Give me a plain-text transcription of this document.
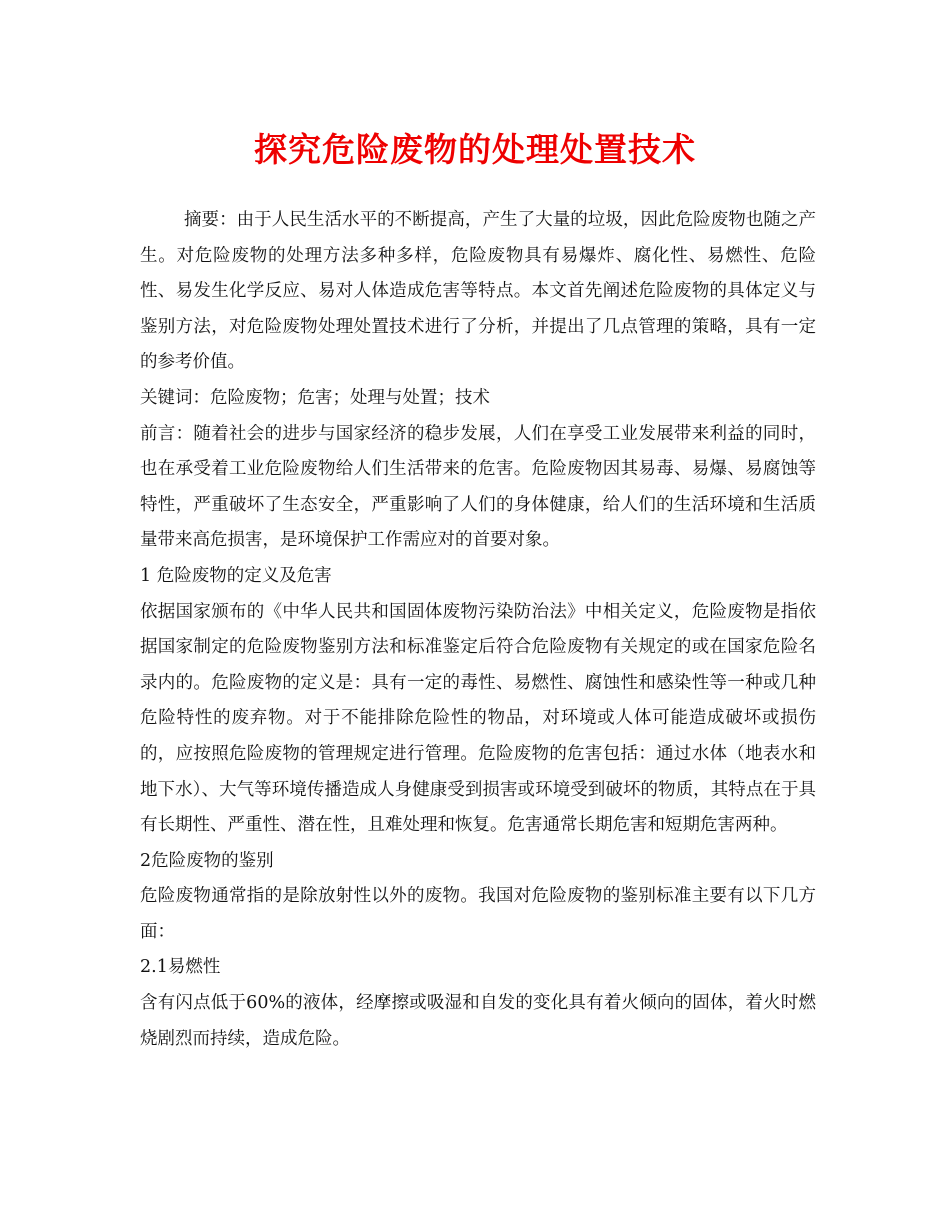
探究危险废物的处理处置技术

摘要：由于人民生活水平的不断提高，产生了大量的垃圾，因此危险废物也随之产生。对危险废物的处理方法多种多样，危险废物具有易爆炸、腐化性、易燃性、危险性、易发生化学反应、易对人体造成危害等特点。本文首先阐述危险废物的具体定义与鉴别方法，对危险废物处理处置技术进行了分析，并提出了几点管理的策略，具有一定的参考价值。

关键词：危险废物；危害；处理与处置；技术

前言：随着社会的进步与国家经济的稳步发展，人们在享受工业发展带来利益的同时，也在承受着工业危险废物给人们生活带来的危害。危险废物因其易毒、易爆、易腐蚀等特性，严重破坏了生态安全，严重影响了人们的身体健康，给人们的生活环境和生活质量带来高危损害，是环境保护工作需应对的首要对象。

1 危险废物的定义及危害

依据国家颁布的《中华人民共和国固体废物污染防治法》中相关定义，危险废物是指依据国家制定的危险废物鉴别方法和标准鉴定后符合危险废物有关规定的或在国家危险名录内的。危险废物的定义是：具有一定的毒性、易燃性、腐蚀性和感染性等一种或几种危险特性的废弃物。对于不能排除危险性的物品，对环境或人体可能造成破坏或损伤的，应按照危险废物的管理规定进行管理。危险废物的危害包括：通过水体（地表水和地下水）、大气等环境传播造成人身健康受到损害或环境受到破坏的物质，其特点在于具有长期性、严重性、潜在性，且难处理和恢复。危害通常长期危害和短期危害两种。

2危险废物的鉴别

危险废物通常指的是除放射性以外的废物。我国对危险废物的鉴别标准主要有以下几方面：

2.1易燃性

含有闪点低于60%的液体，经摩擦或吸湿和自发的变化具有着火倾向的固体，着火时燃烧剧烈而持续，造成危险。
